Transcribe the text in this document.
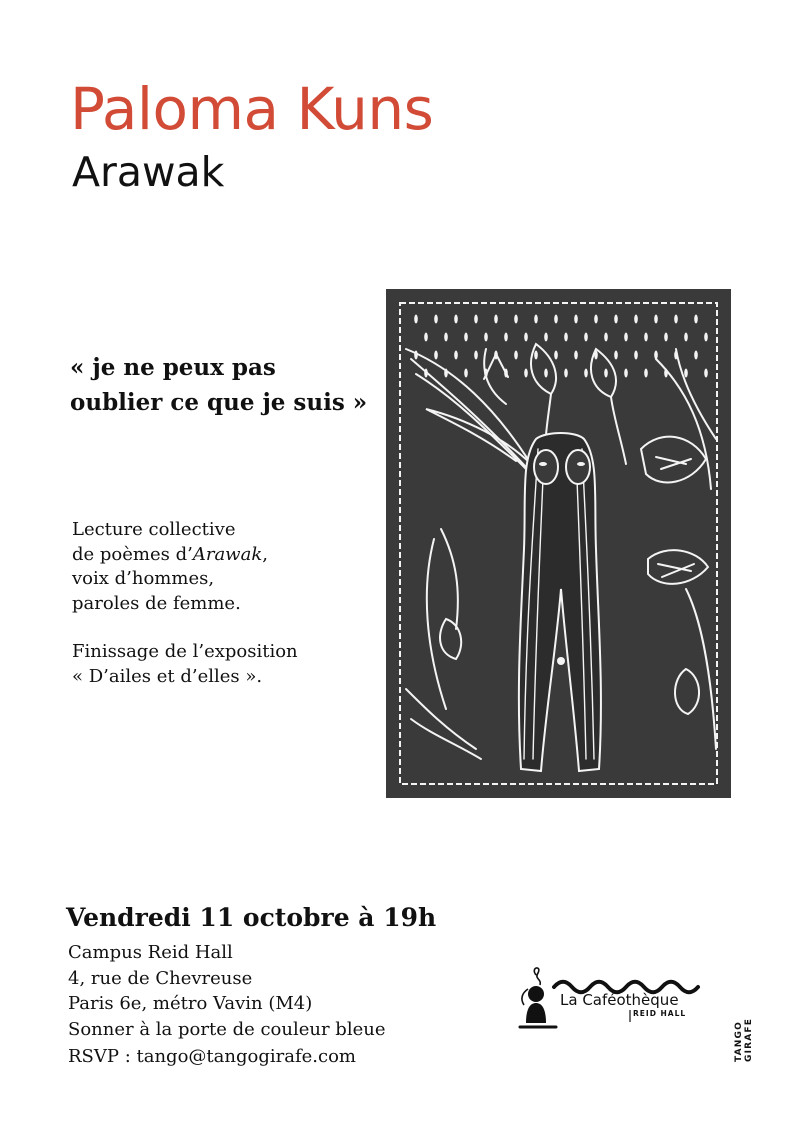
Paloma Kuns
Arawak
« je ne peux pas
oublier ce que je suis »
Lecture collective
de poèmes d’Arawak,
voix d’hommes,
paroles de femme.
Finissage de l’exposition
« D’ailes et d’elles ».
Vendredi 11 octobre à 19h
Campus Reid Hall
4, rue de Chevreuse
Paris 6e, métro Vavin (M4)
Sonner à la porte de couleur bleue
RSVP : tango@tangogirafe.com
La Caféothèque
REID HALL
TANGO GIRAFE
